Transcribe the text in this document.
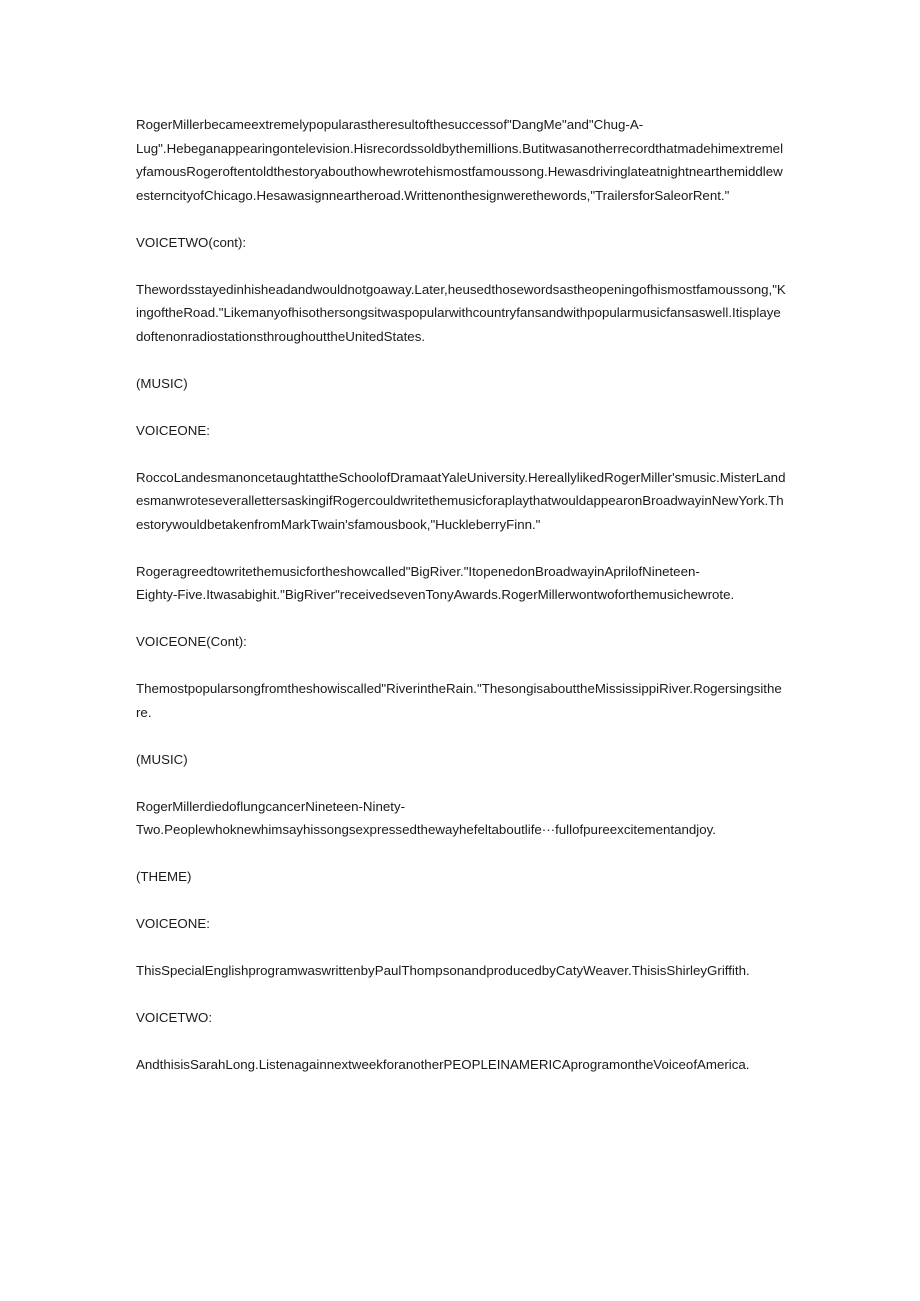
RogerMillerbecameextremelypopularastheresultofthesuccessof"DangMe"and"Chug-A-
Lug".Hebeganappearingontelevision.Hisrecordssoldbythemillions.ButitwasanotherrecordthatmadehimextremelyfamousRogeroftentoldthestoryabouthowhewrotehismostfamoussong.HewasdrivinglateatnightnearthemiddlewesterncityofChicago.Hesawasignneartheroad.Writtenonthesignwerethewords,"TrailersforSaleorRent."

VOICETWO(cont):

Thewordsstayedinhisheadandwouldnotgoaway.Later,heusedthosewordsastheopeningofhismostfamoussong,"KingoftheRoad."Likemanyofhisothersongsitwaspopularwithcountryfansandwithpopularmusicfansaswell.ItisplayedoftenonradiostationsthroughouttheUnitedStates.

(MUSIC)

VOICEONE:

RoccoLandesmanoncetaughtattheSchoolofDramaatYaleUniversity.HereallylikedRogerMiller'smusic.MisterLandesmanwroteseverallettersaskingifRogercouldwritethemusicforaplaythatwouldappearonBroadwayinNewYork.ThestorywouldbetakenfromMarkTwain'sfamousbook,"HuckleberryFinn."

Rogeragreedtowritethemusicfortheshowcalled"BigRiver."ItopenedonBroadwayinAprilofNineteen-
Eighty-Five.Itwasabighit."BigRiver"receivedsevenTonyAwards.RogerMillerwontwoforthemusichewrote.

VOICEONE(Cont):

Themostpopularsongfromtheshowiscalled"RiverintheRain."ThesongisabouttheMississippiRiver.Rogersingsithere.

(MUSIC)

RogerMillerdiedoflungcancerNineteen-Ninety-
Two.Peoplewhoknewhimsayhissongsexpressedthewayhefeltaboutlife···fullofpureexcitementandjoy.

(THEME)

VOICEONE:

ThisSpecialEnglishprogramwaswrittenbyPaulThompsonandproducedbyCatyWeaver.ThisisShirleyGriffith.

VOICETWO:

AndthisisSarahLong.ListenagainnextweekforanotherPEOPLEINAMERICAprogramontheVoiceofAmerica.
